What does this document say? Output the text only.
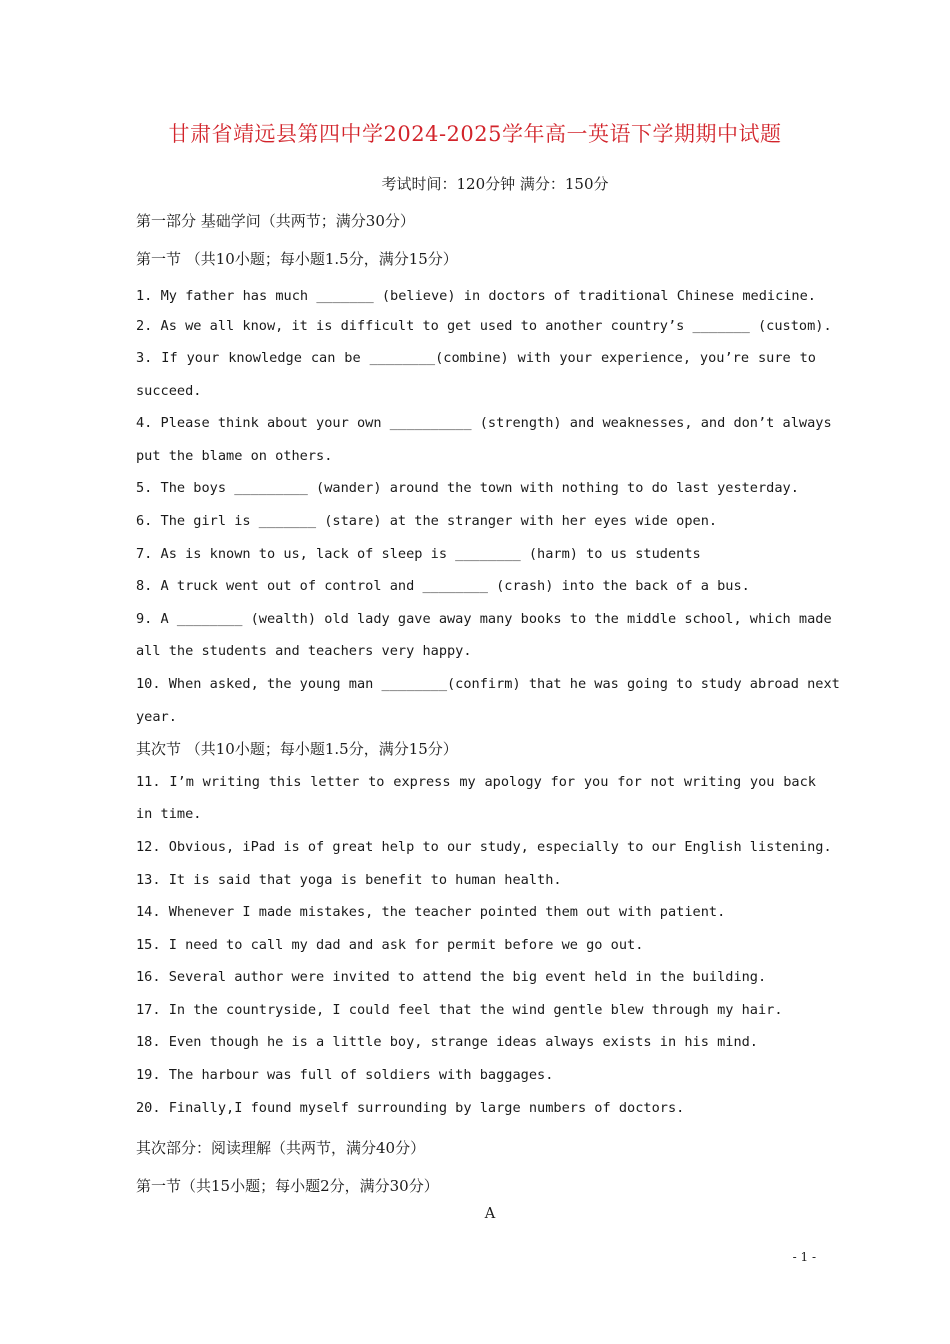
甘肃省靖远县第四中学2024-2025学年高一英语下学期期中试题
考试时间：120分钟 满分：150分
第一部分 基础学问（共两节；满分30分）
第一节 （共10小题；每小题1.5分，满分15分）
1. My father has much _______ (believe) in doctors of traditional Chinese medicine.
2. As we all know, it is difficult to get used to another country’s _______ (custom).
3. If your knowledge can be ________(combine) with your experience, you’re sure to
succeed.
4. Please think about your own __________ (strength) and weaknesses, and don’t always
put the blame on others.
5. The boys _________ (wander) around the town with nothing to do last yesterday.
6. The girl is _______ (stare) at the stranger with her eyes wide open.
7. As is known to us, lack of sleep is ________ (harm) to us students
8. A truck went out of control and ________ (crash) into the back of a bus.
9. A ________ (wealth) old lady gave away many books to the middle school, which made
all the students and teachers very happy.
10. When asked, the young man ________(confirm) that he was going to study abroad next
year.
其次节 （共10小题；每小题1.5分，满分15分）
11. I’m writing this letter to express my apology for you for not writing you back
in time.
12. Obvious, iPad is of great help to our study, especially to our English listening.
13. It is said that yoga is benefit to human health.
14. Whenever I made mistakes, the teacher pointed them out with patient.
15. I need to call my dad and ask for permit before we go out.
16. Several author were invited to attend the big event held in the building.
17. In the countryside, I could feel that the wind gentle blew through my hair.
18. Even though he is a little boy, strange ideas always exists in his mind.
19. The harbour was full of soldiers with baggages.
20. Finally,I found myself surrounding by large numbers of doctors.
其次部分：阅读理解（共两节，满分40分）
第一节（共15小题；每小题2分，满分30分）
A
- 1 -
